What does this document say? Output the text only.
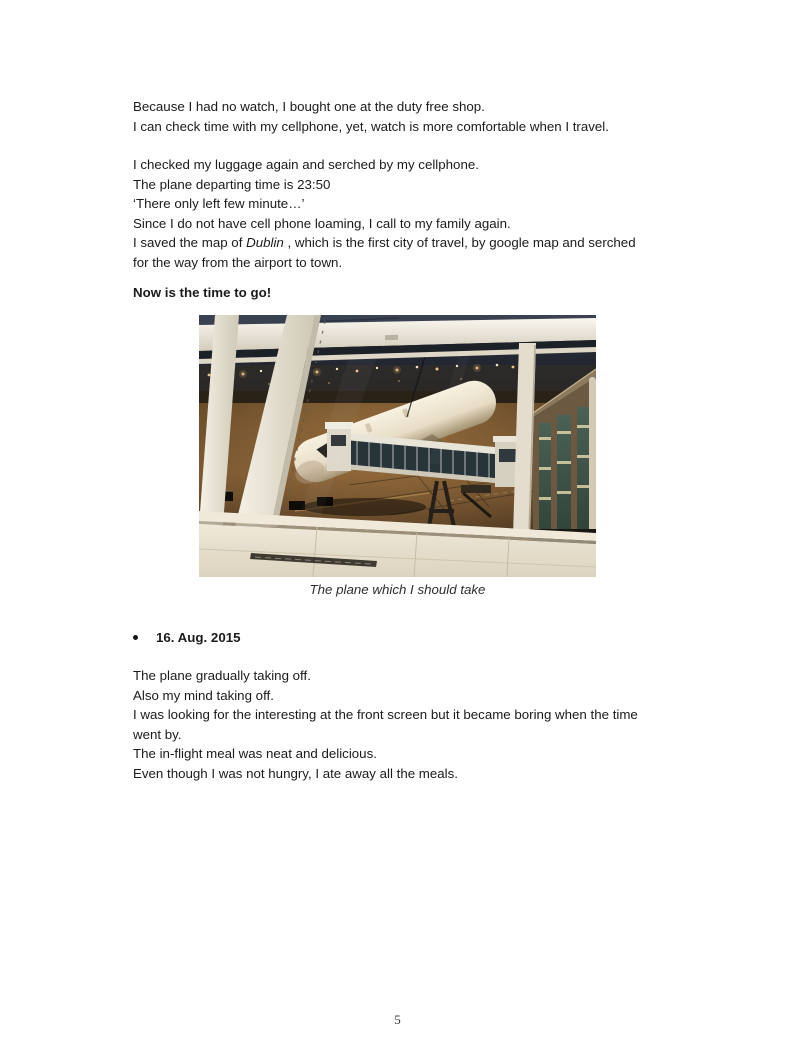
Because I had no watch, I bought one at the duty free shop.
I can check time with my cellphone, yet, watch is more comfortable when I travel.
I checked my luggage again and serched by my cellphone.
The plane departing time is 23:50
‘There only left few minute…’
Since I do not have cell phone loaming, I call to my family again.
I saved the map of Dublin , which is the first city of travel, by google map and serched
for the way from the airport to town.
Now is the time to go!
The plane which I should take
16. Aug. 2015
The plane gradually taking off.
Also my mind taking off.
I was looking for the interesting at the front screen but it became boring when the time
went by.
The in-flight meal was neat and delicious.
Even though I was not hungry, I ate away all the meals.
5
